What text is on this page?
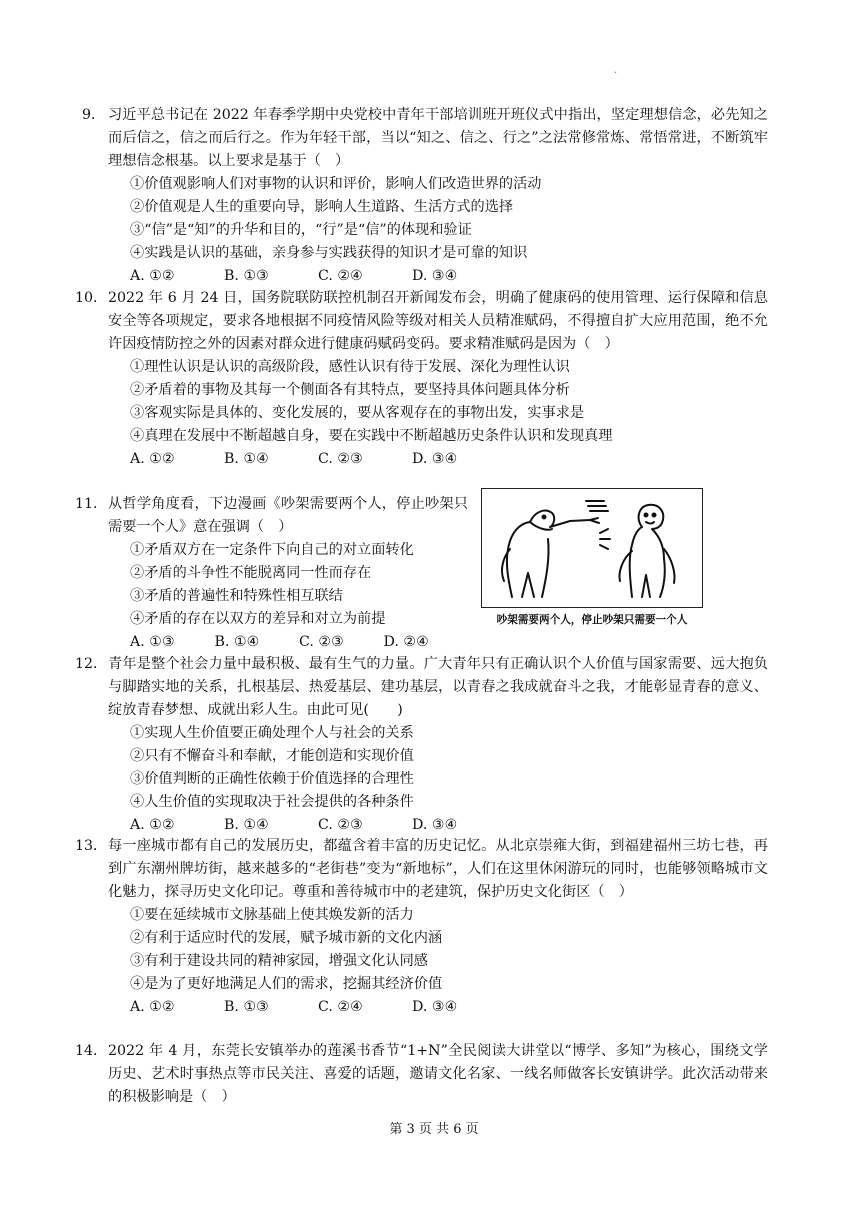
·
9． 习近平总书记在 2022 年春季学期中央党校中青年干部培训班开班仪式中指出，坚定理想信念，必先知之而后信之，信之而后行之。作为年轻干部，当以“知之、信之、行之”之法常修常炼、常悟常进，不断筑牢理想信念根基。以上要求是基于（　）

①价值观影响人们对事物的认识和评价，影响人们改造世界的活动

②价值观是人生的重要向导，影响人生道路、生活方式的选择

③“信”是“知”的升华和目的，“行”是“信”的体现和验证

④实践是认识的基础，亲身参与实践获得的知识才是可靠的知识

A. ①②	B. ①③	C. ②④	D. ③④
10． 2022 年 6 月 24 日，国务院联防联控机制召开新闻发布会，明确了健康码的使用管理、运行保障和信息安全等各项规定，要求各地根据不同疫情风险等级对相关人员精准赋码，不得擅自扩大应用范围，绝不允许因疫情防控之外的因素对群众进行健康码赋码变码。要求精准赋码是因为（　）

①理性认识是认识的高级阶段，感性认识有待于发展、深化为理性认识

②矛盾着的事物及其每一个侧面各有其特点，要坚持具体问题具体分析

③客观实际是具体的、变化发展的，要从客观存在的事物出发，实事求是

④真理在发展中不断超越自身，要在实践中不断超越历史条件认识和发现真理

A. ①②	B. ①④	C. ②③	D. ③④
11． 从哲学角度看，下边漫画《吵架需要两个人，停止吵架只需要一个人》意在强调（　）

①矛盾双方在一定条件下向自己的对立面转化

②矛盾的斗争性不能脱离同一性而存在

③矛盾的普遍性和特殊性相互联结

④矛盾的存在以双方的差异和对立为前提

A. ①③	B. ①④	C. ②③	D. ②④
吵架需要两个人，停止吵架只需要一个人
12． 青年是整个社会力量中最积极、最有生气的力量。广大青年只有正确认识个人价值与国家需要、远大抱负与脚踏实地的关系，扎根基层、热爱基层、建功基层，以青春之我成就奋斗之我，才能彰显青春的意义、绽放青春梦想、成就出彩人生。由此可见(　　)

①实现人生价值要正确处理个人与社会的关系

②只有不懈奋斗和奉献，才能创造和实现价值

③价值判断的正确性依赖于价值选择的合理性

④人生价值的实现取决于社会提供的各种条件

A. ①②	B. ①④	C. ②③	D. ③④
13． 每一座城市都有自己的发展历史，都蕴含着丰富的历史记忆。从北京崇雍大街，到福建福州三坊七巷，再到广东潮州牌坊街，越来越多的“老街巷”变为“新地标”，人们在这里休闲游玩的同时，也能够领略城市文化魅力，探寻历史文化印记。尊重和善待城市中的老建筑，保护历史文化街区（　）

①要在延续城市文脉基础上使其焕发新的活力

②有利于适应时代的发展，赋予城市新的文化内涵

③有利于建设共同的精神家园，增强文化认同感

④是为了更好地满足人们的需求，挖掘其经济价值

A. ①②	B. ①③	C. ②④	D. ③④
14． 2022 年 4 月，东莞长安镇举办的莲溪书香节“1+N”全民阅读大讲堂以“博学、多知”为核心，围绕文学历史、艺术时事热点等市民关注、喜爱的话题，邀请文化名家、一线名师做客长安镇讲学。此次活动带来的积极影响是（　）

第 3 页 共 6 页
